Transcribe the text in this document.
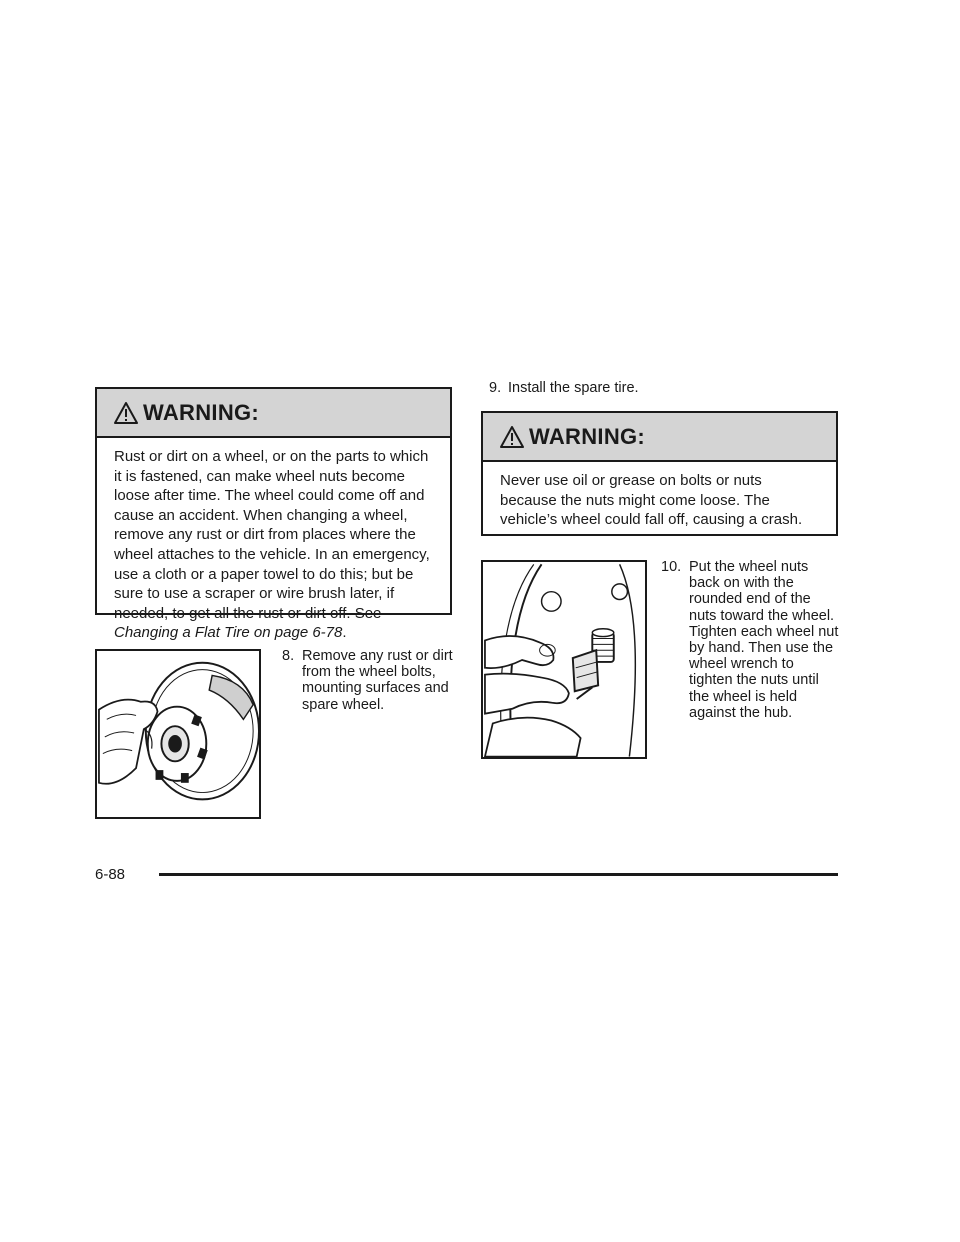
WARNING:
Rust or dirt on a wheel, or on the parts to which it is fastened, can make wheel nuts become loose after time. The wheel could come off and cause an accident. When changing a wheel, remove any rust or dirt from places where the wheel attaches to the vehicle. In an emergency, use a cloth or a paper towel to do this; but be sure to use a scraper or wire brush later, if needed, to get all the rust or dirt off. See Changing a Flat Tire on page 6-78.
8. Remove any rust or dirt from the wheel bolts, mounting surfaces and spare wheel.
9. Install the spare tire.
WARNING:
Never use oil or grease on bolts or nuts because the nuts might come loose. The vehicle’s wheel could fall off, causing a crash.
10. Put the wheel nuts back on with the rounded end of the nuts toward the wheel. Tighten each wheel nut by hand. Then use the wheel wrench to tighten the nuts until the wheel is held against the hub.
6-88
